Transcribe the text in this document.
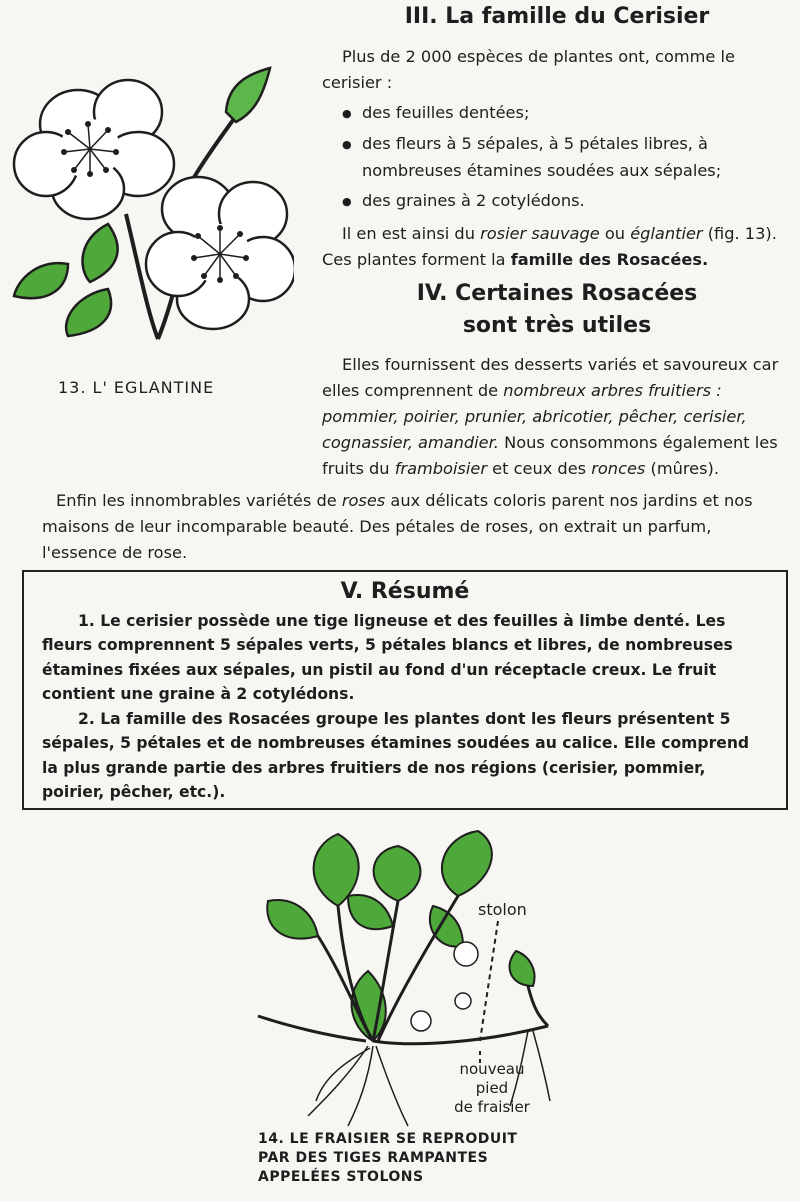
13. L' EGLANTINE
III. La famille du Cerisier
Plus de 2 000 espèces de plantes ont, comme le cerisier :
● des feuilles dentées;
● des fleurs à 5 sépales, à 5 pétales libres, à nombreuses étamines soudées aux sépales;
● des graines à 2 cotylédons.
Il en est ainsi du rosier sauvage ou églantier (fig. 13). Ces plantes forment la famille des Rosacées.
IV. Certaines Rosacées
sont très utiles
Elles fournissent des desserts variés et savoureux car elles comprennent de nombreux arbres fruitiers : pommier, poirier, prunier, abricotier, pêcher, cerisier, cognassier, amandier. Nous consommons également les fruits du framboisier et ceux des ronces (mûres).
Enfin les innombrables variétés de roses aux délicats coloris parent nos jardins et nos maisons de leur incomparable beauté. Des pétales de roses, on extrait un parfum, l'essence de rose.
V. Résumé

1. Le cerisier possède une tige ligneuse et des feuilles à limbe denté. Les fleurs comprennent 5 sépales verts, 5 pétales blancs et libres, de nombreuses étamines fixées aux sépales, un pistil au fond d'un réceptacle creux. Le fruit contient une graine à 2 cotylédons.

2. La famille des Rosacées groupe les plantes dont les fleurs présentent 5 sépales, 5 pétales et de nombreuses étamines soudées au calice. Elle comprend la plus grande partie des arbres fruitiers de nos régions (cerisier, pommier, poirier, pêcher, etc.).

stolon
nouveau
pied
de fraisier
14. LE FRAISIER SE REPRODUIT
PAR DES TIGES RAMPANTES
APPELÉES STOLONS
